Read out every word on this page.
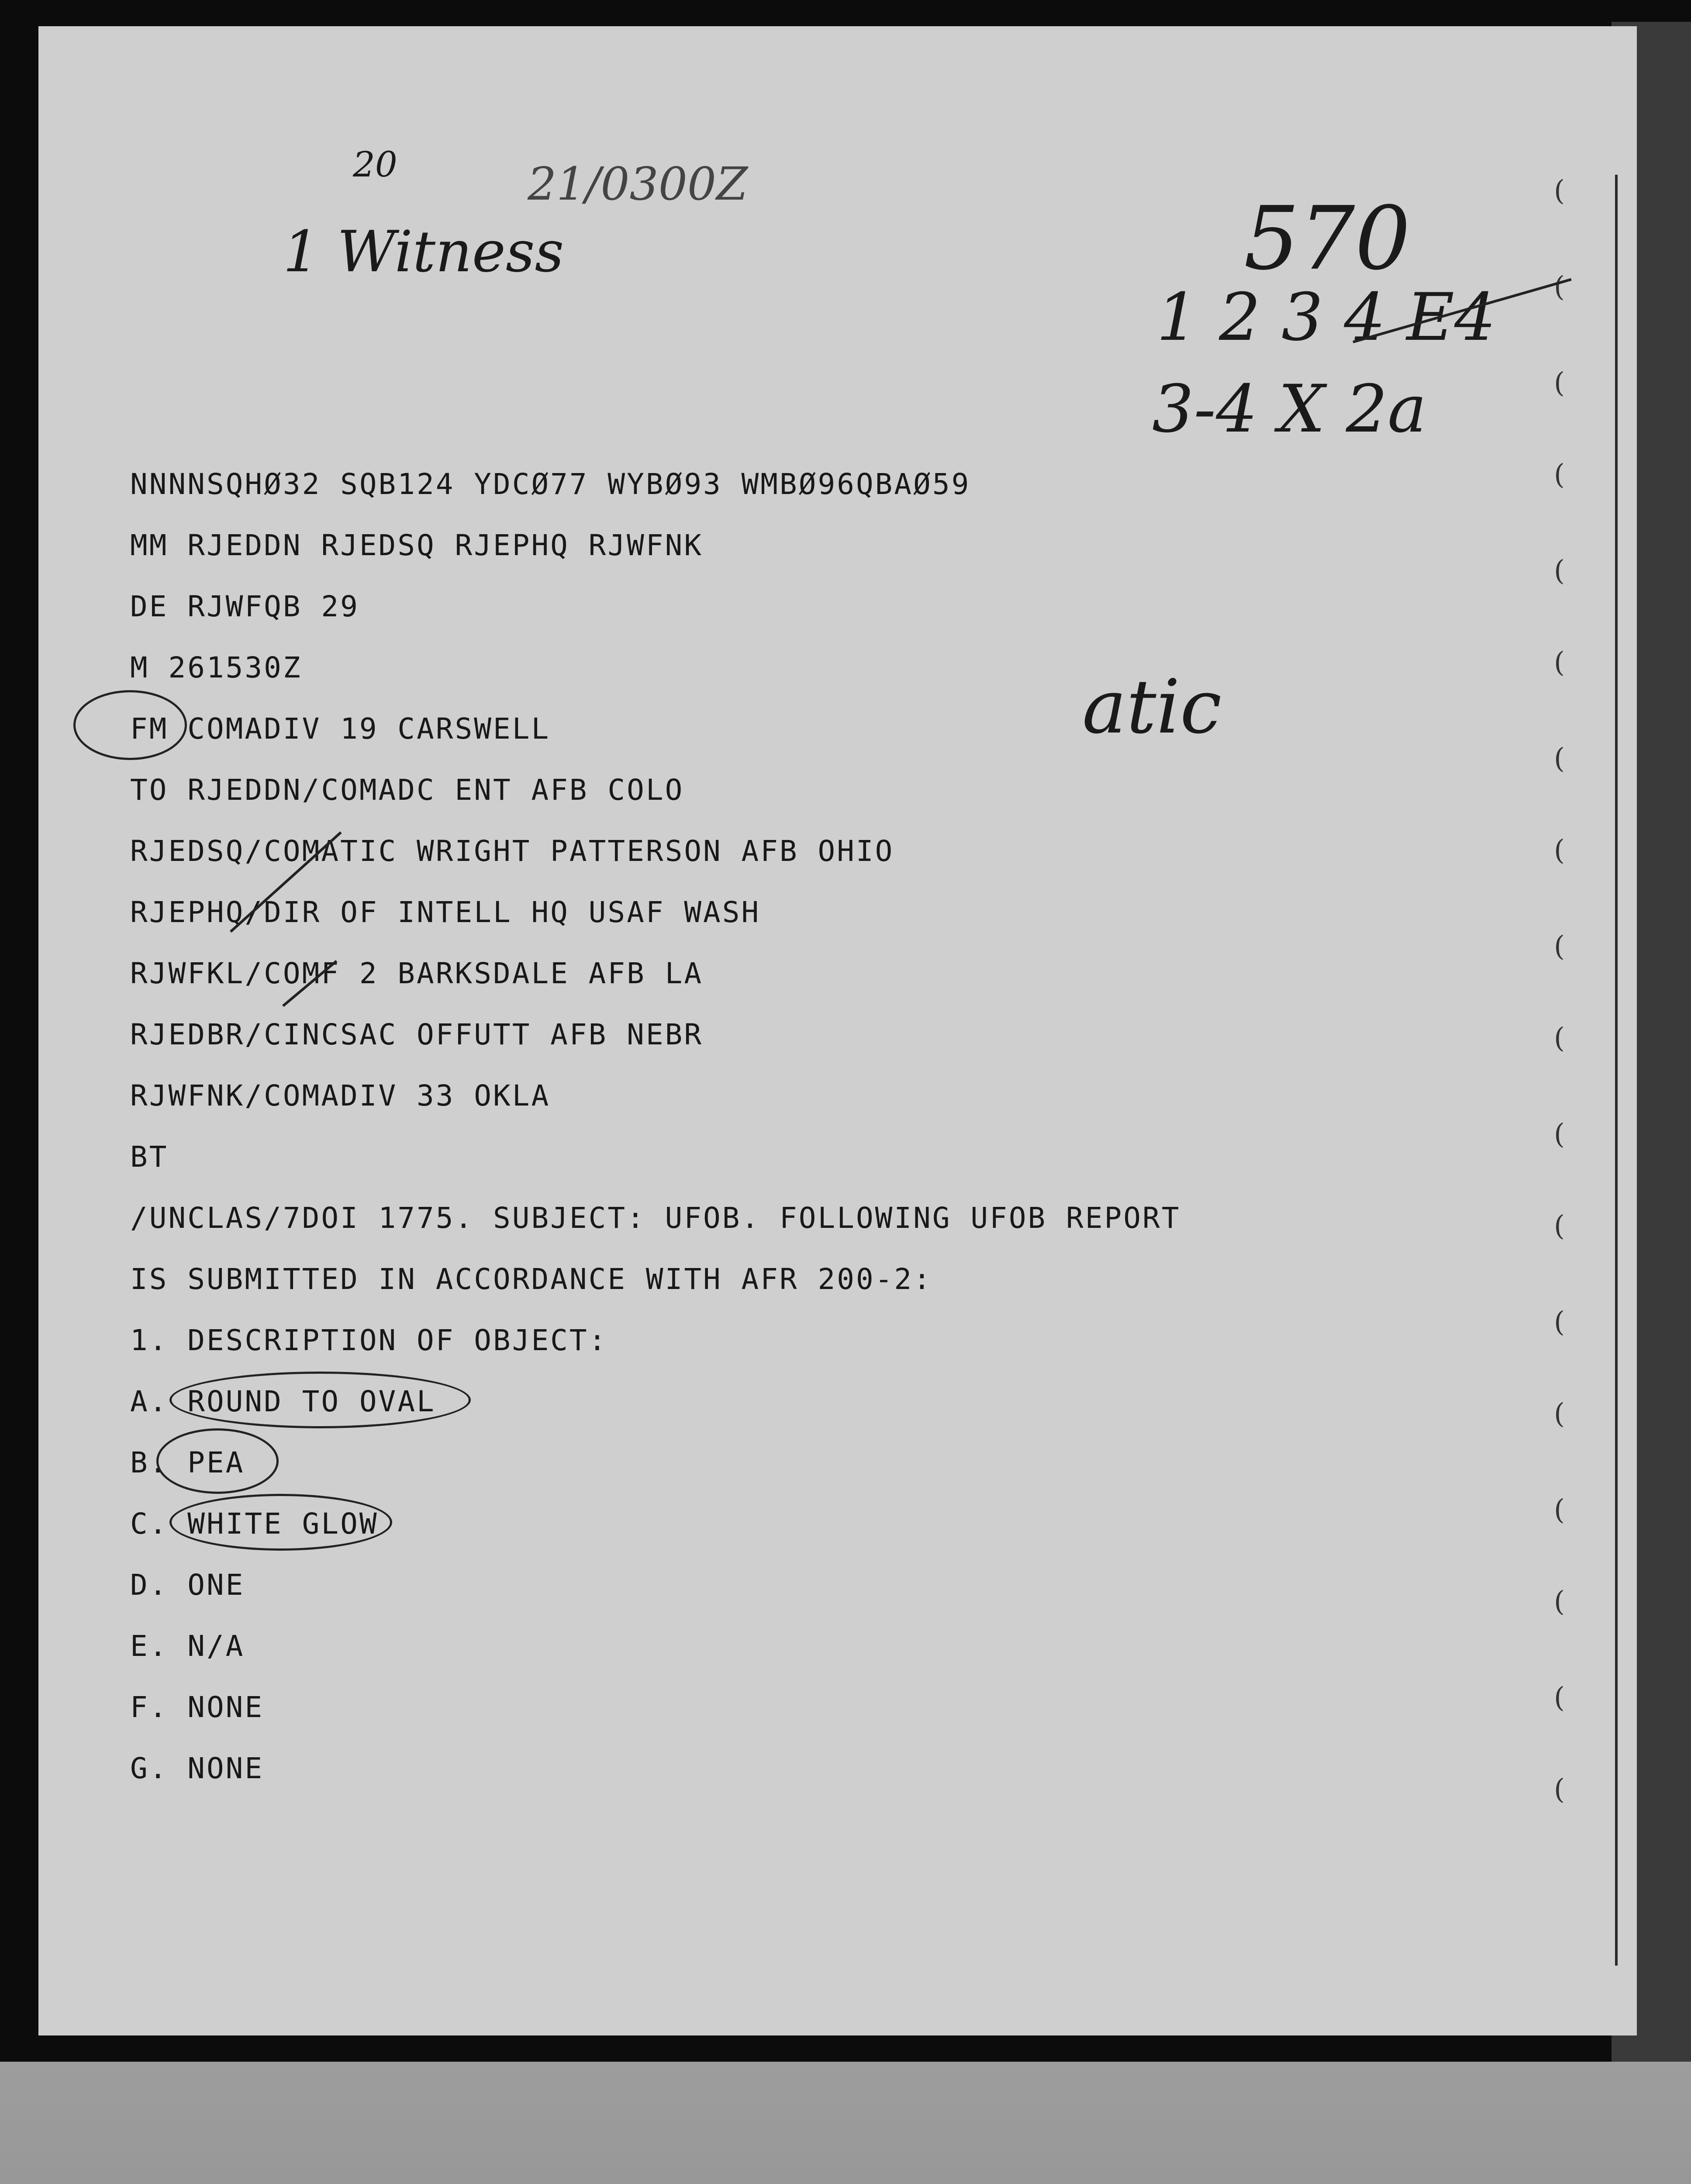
(
(
(
(
(
(
(
(
(
(
(
(
(
(
(
(
(
(
20	21/0300Z
1 Witness	570
1 2 3 4 E4
3-4 X 2a
atic
NNNNSQHØ32 SQB124 YDCØ77 WYBØ93 WMBØ96QBAØ59
MM RJEDDN RJEDSQ RJEPHQ RJWFNK
DE RJWFQB 29
M 261530Z
FM COMADIV 19 CARSWELL
TO RJEDDN/COMADC ENT AFB COLO
RJEDSQ/COMATIC WRIGHT PATTERSON AFB OHIO
RJEPHQ/DIR OF INTELL HQ USAF WASH
RJWFKL/COMF 2 BARKSDALE AFB LA
RJEDBR/CINCSAC OFFUTT AFB NEBR
RJWFNK/COMADIV 33 OKLA
BT
/UNCLAS/7DOI 1775. SUBJECT: UFOB. FOLLOWING UFOB REPORT
IS SUBMITTED IN ACCORDANCE WITH AFR 200-2:
1. DESCRIPTION OF OBJECT:
A. ROUND TO OVAL
B. PEA
C. WHITE GLOW
D. ONE
E. N/A
F. NONE
G. NONE
